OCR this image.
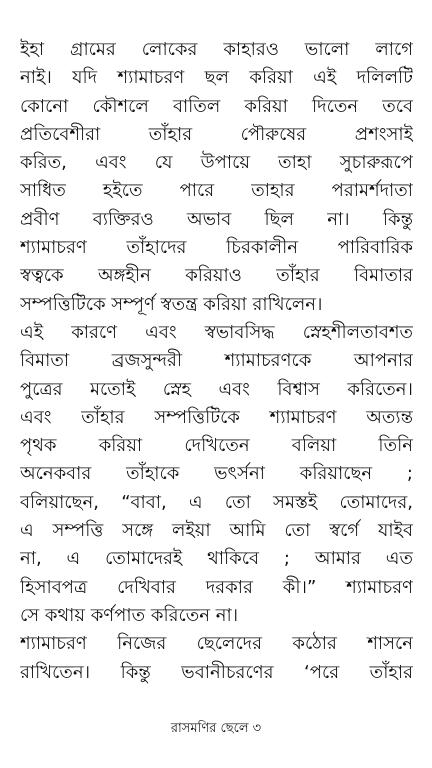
ইহা গ্রামের লোকের কাহারও ভালো লাগে
নাই। যদি শ্যামাচরণ ছল করিয়া এই দলিলটি
কোনো কৌশলে বাতিল করিয়া দিতেন তবে
প্রতিবেশীরা তাঁহার পৌরুষের প্রশংসাই
করিত, এবং যে উপায়ে তাহা সুচারুরূপে
সাধিত হইতে পারে তাহার পরামর্শদাতা
প্রবীণ ব্যক্তিরও অভাব ছিল না। কিন্তু
শ্যামাচরণ তাঁহাদের চিরকালীন পারিবারিক
স্বত্বকে অঙ্গহীন করিয়াও তাঁহার বিমাতার
সম্পত্তিটিকে সম্পূর্ণ স্বতন্ত্র করিয়া রাখিলেন।
এই কারণে এবং স্বভাবসিদ্ধ স্নেহশীলতাবশত
বিমাতা ব্রজসুন্দরী শ্যামাচরণকে আপনার
পুত্রের মতোই স্নেহ এবং বিশ্বাস করিতেন।
এবং তাঁহার সম্পত্তিটিকে শ্যামাচরণ অত্যন্ত
পৃথক করিয়া দেখিতেন বলিয়া তিনি
অনেকবার তাঁহাকে ভৎর্সনা করিয়াছেন ;
বলিয়াছেন, “বাবা, এ তো সমস্তই তোমাদের,
এ সম্পত্তি সঙ্গে লইয়া আমি তো স্বর্গে যাইব
না, এ তোমাদেরই থাকিবে ; আমার এত
হিসাবপত্র দেখিবার দরকার কী।” শ্যামাচরণ
সে কথায় কর্ণপাত করিতেন না।
শ্যামাচরণ নিজের ছেলেদের কঠোর শাসনে
রাখিতেন। কিন্তু ভবানীচরণের ‘পরে তাঁহার
রাসমণির ছেলে ৩
